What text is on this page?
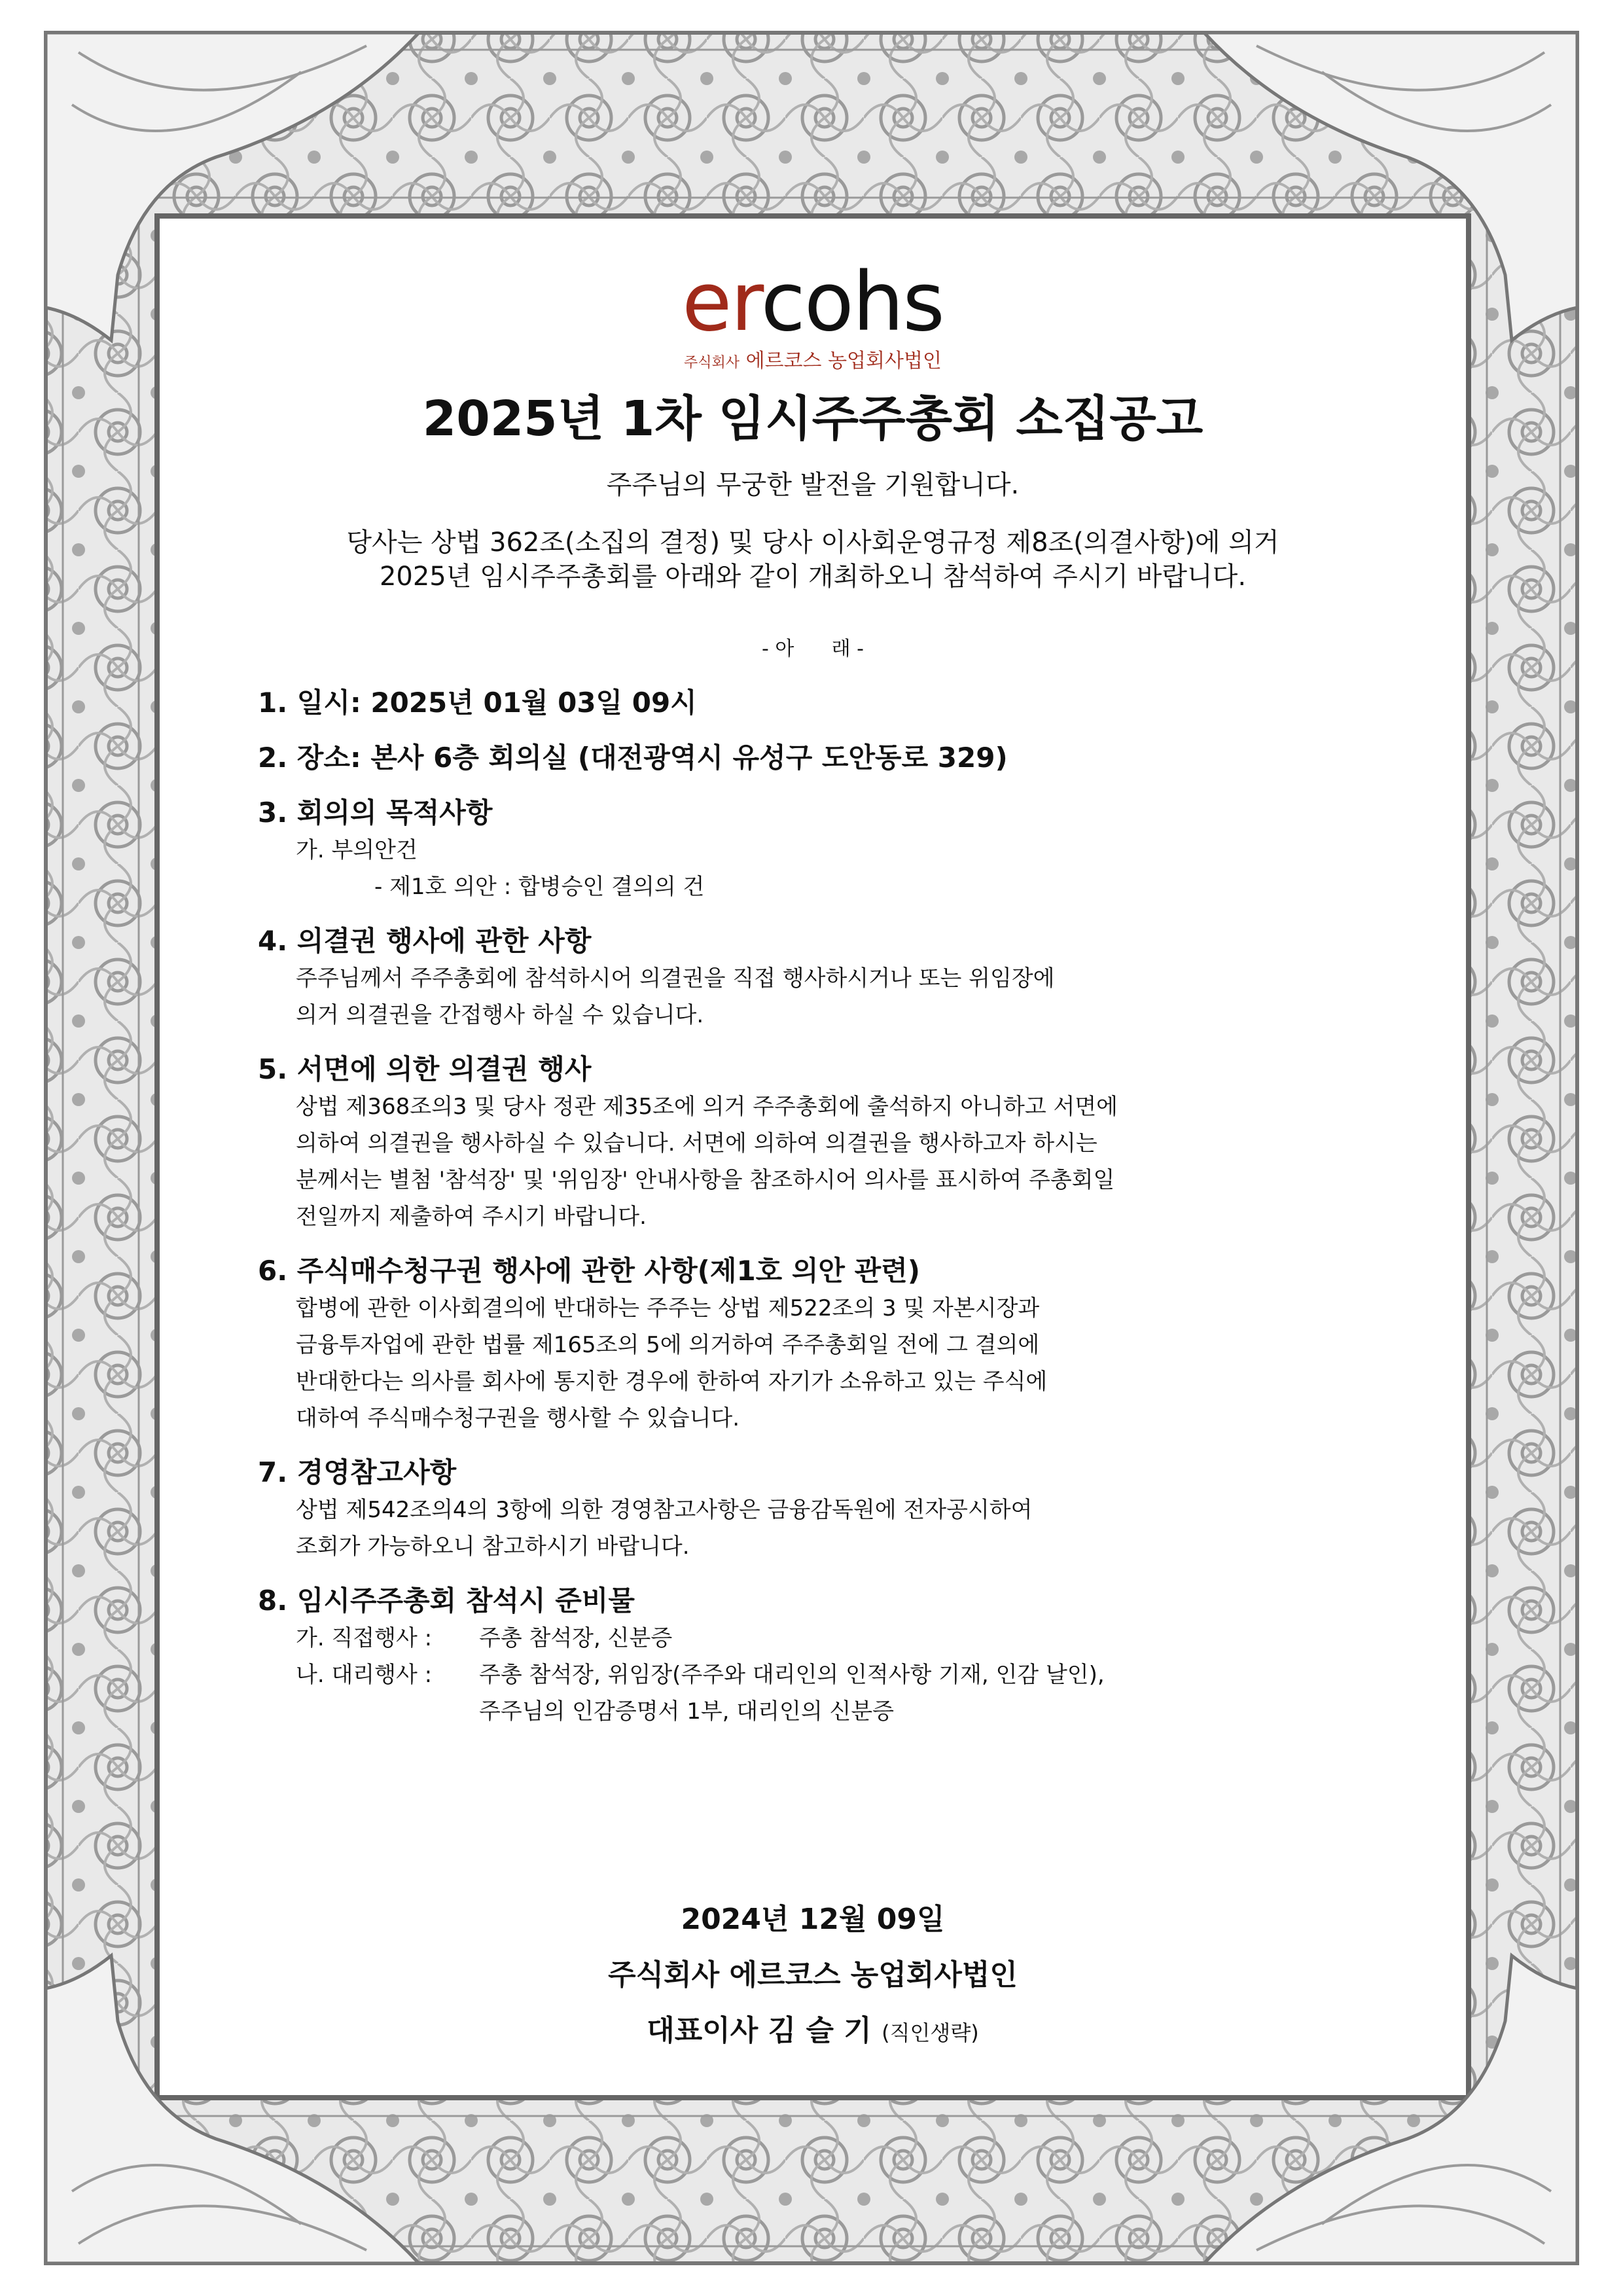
ercohs
주식회사 에르코스 농업회사법인
2025년 1차 임시주주총회 소집공고
주주님의 무궁한 발전을 기원합니다.
당사는 상법 362조(소집의 결정) 및 당사 이사회운영규정 제8조(의결사항)에 의거
2025년 임시주주총회를 아래와 같이 개최하오니 참석하여 주시기 바랍니다.
- 아      래 -
1. 일시: 2025년 01월 03일 09시
2. 장소: 본사 6층 회의실 (대전광역시 유성구 도안동로 329)
3. 회의의 목적사항
가. 부의안건
- 제1호 의안 : 합병승인 결의의 건
4. 의결권 행사에 관한 사항
주주님께서 주주총회에 참석하시어 의결권을 직접 행사하시거나 또는 위임장에
의거 의결권을 간접행사 하실 수 있습니다.
5. 서면에 의한 의결권 행사
상법 제368조의3 및 당사 정관 제35조에 의거 주주총회에 출석하지 아니하고 서면에
의하여 의결권을 행사하실 수 있습니다. 서면에 의하여 의결권을 행사하고자 하시는
분께서는 별첨 '참석장' 및 '위임장' 안내사항을 참조하시어 의사를 표시하여 주총회일
전일까지 제출하여 주시기 바랍니다.
6. 주식매수청구권 행사에 관한 사항(제1호 의안 관련)
합병에 관한 이사회결의에 반대하는 주주는 상법 제522조의 3 및 자본시장과
금융투자업에 관한 법률 제165조의 5에 의거하여 주주총회일 전에 그 결의에
반대한다는 의사를 회사에 통지한 경우에 한하여 자기가 소유하고 있는 주식에
대하여 주식매수청구권을 행사할 수 있습니다.
7. 경영참고사항
상법 제542조의4의 3항에 의한 경영참고사항은 금융감독원에 전자공시하여
조회가 가능하오니 참고하시기 바랍니다.
8. 임시주주총회 참석시 준비물
가. 직접행사 : 주총 참석장, 신분증
나. 대리행사 : 주총 참석장, 위임장(주주와 대리인의 인적사항 기재, 인감 날인),
주주님의 인감증명서 1부, 대리인의 신분증
2024년 12월 09일
주식회사 에르코스 농업회사법인
대표이사 김 슬 기 (직인생략)
